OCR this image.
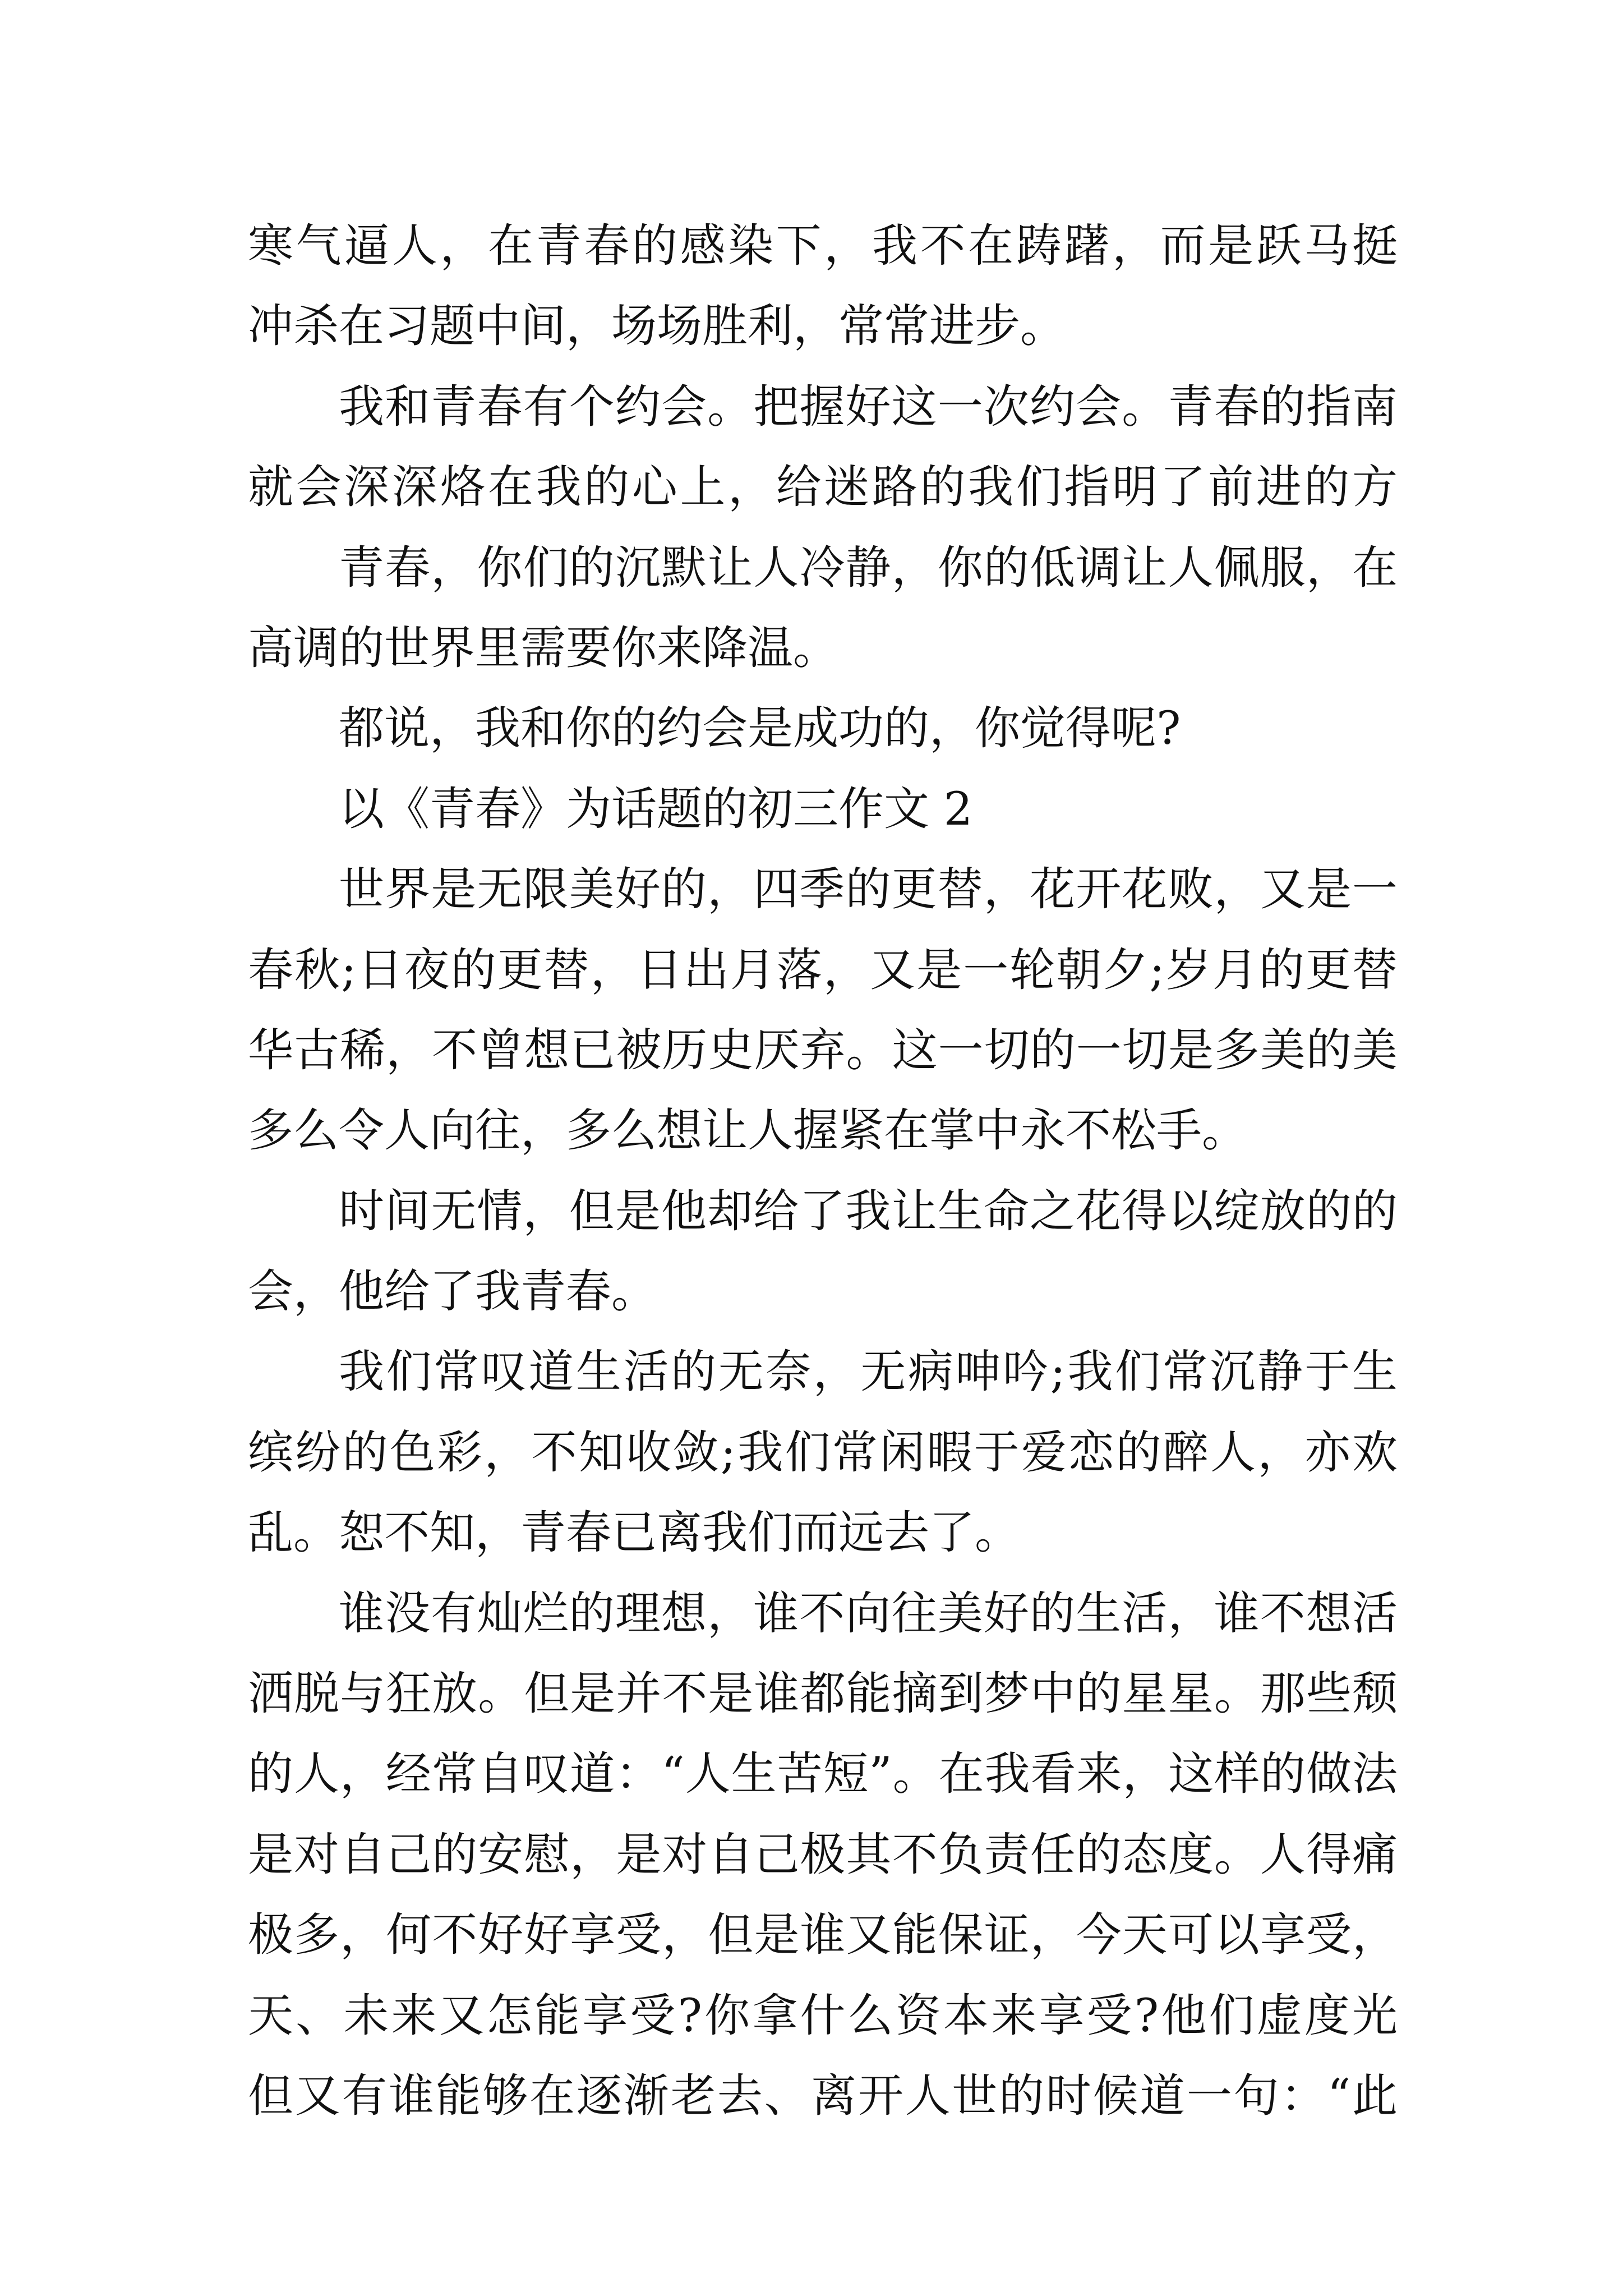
寒气逼人，在青春的感染下，我不在踌躇，而是跃马挺
冲杀在习题中间，场场胜利，常常进步。
我和青春有个约会。把握好这一次约会。青春的指南
就会深深烙在我的心上，给迷路的我们指明了前进的方
青春，你们的沉默让人冷静，你的低调让人佩服，在
高调的世界里需要你来降温。
都说，我和你的约会是成功的，你觉得呢?
以《青春》为话题的初三作文 2
世界是无限美好的，四季的更替，花开花败，又是一
春秋;日夜的更替，日出月落，又是一轮朝夕;岁月的更替
华古稀，不曾想已被历史厌弃。这一切的一切是多美的美
多么令人向往，多么想让人握紧在掌中永不松手。
时间无情，但是他却给了我让生命之花得以绽放的的
会，他给了我青春。
我们常叹道生活的无奈，无病呻吟;我们常沉静于生
缤纷的色彩，不知收敛;我们常闲暇于爱恋的醉人，亦欢
乱。恕不知，青春已离我们而远去了。
谁没有灿烂的理想，谁不向往美好的生活，谁不想活
洒脱与狂放。但是并不是谁都能摘到梦中的星星。那些颓
的人，经常自叹道：“人生苦短”。在我看来，这样的做法
是对自己的安慰，是对自己极其不负责任的态度。人得痛
极多，何不好好享受，但是谁又能保证，今天可以享受，
天、未来又怎能享受?你拿什么资本来享受?他们虚度光
但又有谁能够在逐渐老去、离开人世的时候道一句：“此
